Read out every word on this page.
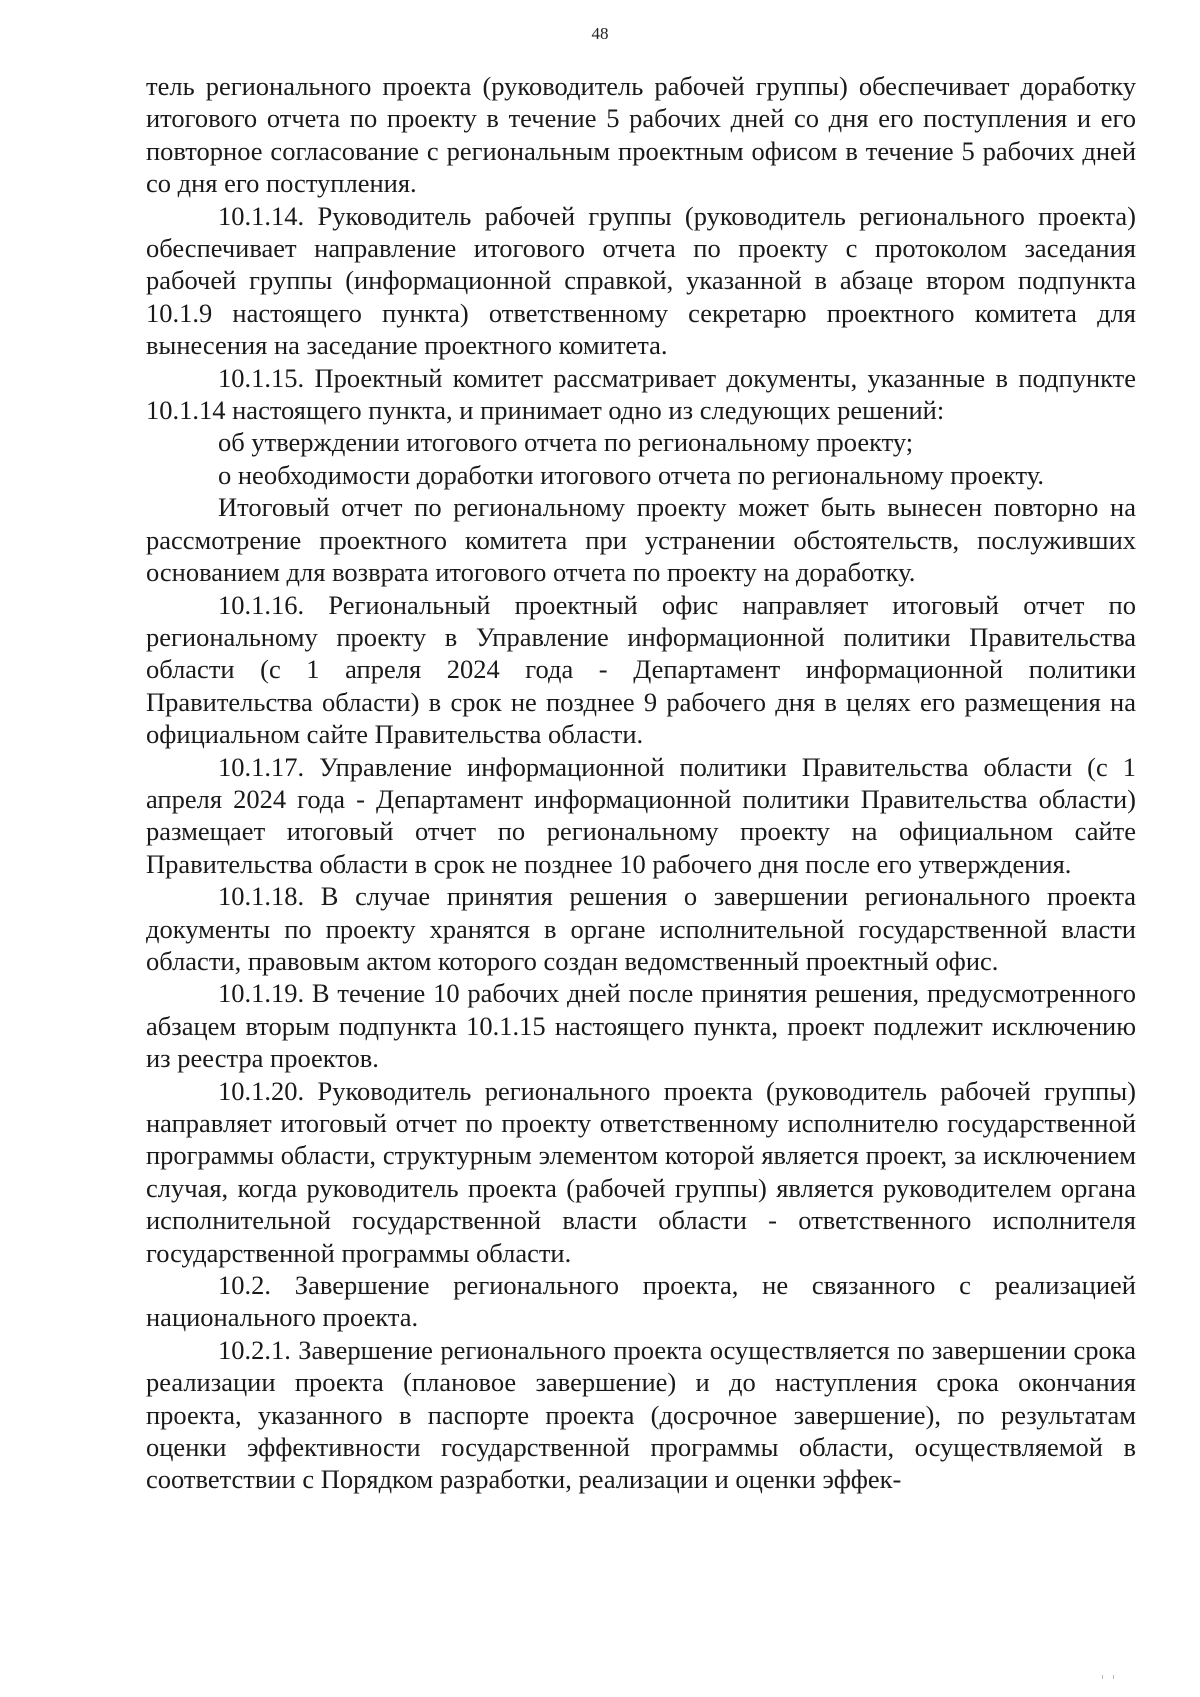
48

тель регионального проекта (руководитель рабочей группы) обеспечивает доработку итогового отчета по проекту в течение 5 рабочих дней со дня его поступления и его повторное согласование с региональным проектным офисом в течение 5 рабочих дней со дня его поступления.

10.1.14. Руководитель рабочей группы (руководитель регионального проекта) обеспечивает направление итогового отчета по проекту с протоколом заседания рабочей группы (информационной справкой, указанной в абзаце втором подпункта 10.1.9 настоящего пункта) ответственному секретарю проектного комитета для вынесения на заседание проектного комитета.

10.1.15. Проектный комитет рассматривает документы, указанные в подпункте 10.1.14 настоящего пункта, и принимает одно из следующих решений:

об утверждении итогового отчета по региональному проекту;

о необходимости доработки итогового отчета по региональному проекту.

Итоговый отчет по региональному проекту может быть вынесен повторно на рассмотрение проектного комитета при устранении обстоятельств, послуживших основанием для возврата итогового отчета по проекту на доработку.

10.1.16. Региональный проектный офис направляет итоговый отчет по региональному проекту в Управление информационной политики Правительства области (с 1 апреля 2024 года - Департамент информационной политики Правительства области) в срок не позднее 9 рабочего дня в целях его размещения на официальном сайте Правительства области.

10.1.17. Управление информационной политики Правительства области (с 1 апреля 2024 года - Департамент информационной политики Правительства области) размещает итоговый отчет по региональному проекту на официальном сайте Правительства области в срок не позднее 10 рабочего дня после его утверждения.

10.1.18. В случае принятия решения о завершении регионального проекта документы по проекту хранятся в органе исполнительной государственной власти области, правовым актом которого создан ведомственный проектный офис.

10.1.19. В течение 10 рабочих дней после принятия решения, предусмотренного абзацем вторым подпункта 10.1.15 настоящего пункта, проект подлежит исключению из реестра проектов.

10.1.20. Руководитель регионального проекта (руководитель рабочей группы) направляет итоговый отчет по проекту ответственному исполнителю государственной программы области, структурным элементом которой является проект, за исключением случая, когда руководитель проекта (рабочей группы) является руководителем органа исполнительной государственной власти области - ответственного исполнителя государственной программы области.

10.2. Завершение регионального проекта, не связанного с реализацией национального проекта.

10.2.1. Завершение регионального проекта осуществляется по завершении срока реализации проекта (плановое завершение) и до наступления срока окончания проекта, указанного в паспорте проекта (досрочное завершение), по результатам оценки эффективности государственной программы области, осуществляемой в соответствии с Порядком разработки, реализации и оценки эффек-
